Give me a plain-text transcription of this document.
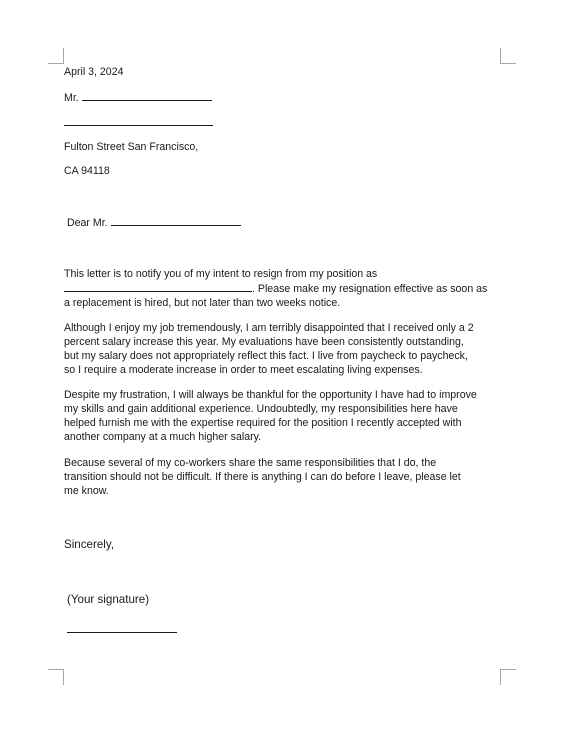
April 3, 2024
Mr.
Fulton Street San Francisco,
CA 94118
Dear Mr.
This letter is to notify you of my intent to resign from my position as
. Please make my resignation effective as soon as
a replacement is hired, but not later than two weeks notice.
Although I enjoy my job tremendously, I am terribly disappointed that I received only a 2
percent salary increase this year. My evaluations have been consistently outstanding,
but my salary does not appropriately reflect this fact. I live from paycheck to paycheck,
so I require a moderate increase in order to meet escalating living expenses.
Despite my frustration, I will always be thankful for the opportunity I have had to improve
my skills and gain additional experience. Undoubtedly, my responsibilities here have
helped furnish me with the expertise required for the position I recently accepted with
another company at a much higher salary.
Because several of my co-workers share the same responsibilities that I do, the
transition should not be difficult. If there is anything I can do before I leave, please let
me know.
Sincerely,
(Your signature)
